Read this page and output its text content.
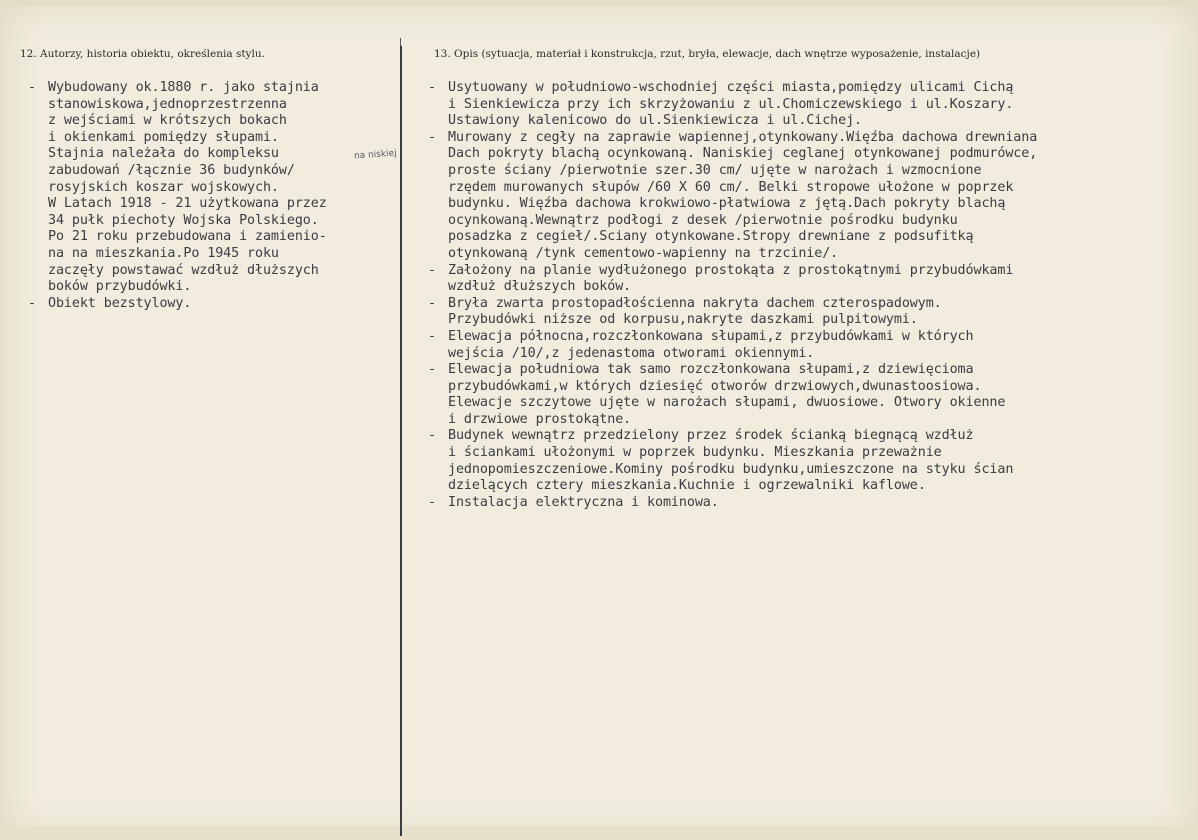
12. Autorzy, historia obiektu, określenia stylu.	13. Opis (sytuacja, materiał i konstrukcja, rzut, bryła, elewacje, dach wnętrze wyposażenie, instalacje)
- Wybudowany ok.1880 r. jako stajnia
stanowiskowa,jednoprzestrzenna
z wejściami w krótszych bokach
i okienkami pomiędzy słupami.
Stajnia należała do kompleksu
zabudowań /łącznie 36 budynków/
rosyjskich koszar wojskowych.
W Latach 1918 - 21 użytkowana przez
34 pułk piechoty Wojska Polskiego.
Po 21 roku przebudowana i zamienio-
na na mieszkania.Po 1945 roku
zaczęły powstawać wzdłuż dłuższych
boków przybudówki.
- Obiekt bezstylowy.
- Usytuowany w południowo-wschodniej części miasta,pomiędzy ulicami Cichą
i Sienkiewicza przy ich skrzyżowaniu z ul.Chomiczewskiego i ul.Koszary.
Ustawiony kalenicowo do ul.Sienkiewicza i ul.Cichej.
- Murowany z cegły na zaprawie wapiennej,otynkowany.Więźba dachowa drewniana
Dach pokryty blachą ocynkowaną. Naniskiej ceglanej otynkowanej podmurówce,
proste ściany /pierwotnie szer.30 cm/ ujęte w narożach i wzmocnione
rzędem murowanych słupów /60 X 60 cm/. Belki stropowe ułożone w poprzek
budynku. Więźba dachowa krokwiowo-płatwiowa z jętą.Dach pokryty blachą
ocynkowaną.Wewnątrz podłogi z desek /pierwotnie pośrodku budynku
posadzka z cegieł/.Sciany otynkowane.Stropy drewniane z podsufitką
otynkowaną /tynk cementowo-wapienny na trzcinie/.
- Założony na planie wydłużonego prostokąta z prostokątnymi przybudówkami
wzdłuż dłuższych boków.
- Bryła zwarta prostopadłościenna nakryta dachem czterospadowym.
Przybudówki niższe od korpusu,nakryte daszkami pulpitowymi.
- Elewacja północna,rozczłonkowana słupami,z przybudówkami w których
wejścia /10/,z jedenastoma otworami okiennymi.
- Elewacja południowa tak samo rozczłonkowana słupami,z dziewięcioma
przybudówkami,w których dziesięć otworów drzwiowych,dwunastoosiowa.
Elewacje szczytowe ujęte w narożach słupami, dwuosiowe. Otwory okienne
i drzwiowe prostokątne.
- Budynek wewnątrz przedzielony przez środek ścianką biegnącą wzdłuż
i ściankami ułożonymi w poprzek budynku. Mieszkania przeważnie
jednopomieszczeniowe.Kominy pośrodku budynku,umieszczone na styku ścian
dzielących cztery mieszkania.Kuchnie i ogrzewalniki kaflowe.
- Instalacja elektryczna i kominowa.
na niskiej
